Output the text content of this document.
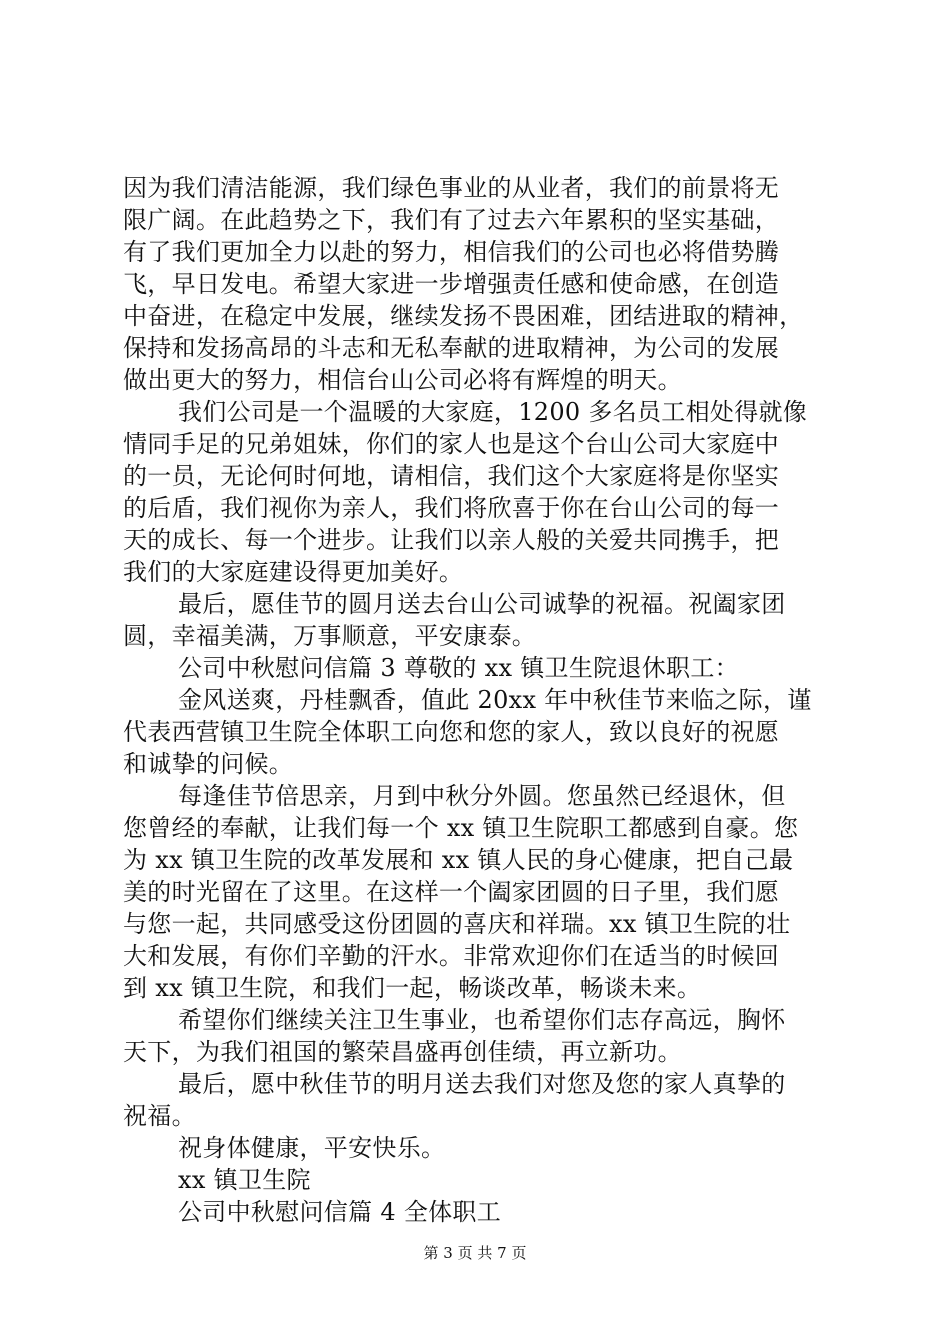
因为我们清洁能源，我们绿色事业的从业者，我们的前景将无
限广阔。在此趋势之下，我们有了过去六年累积的坚实基础，
有了我们更加全力以赴的努力，相信我们的公司也必将借势腾
飞，早日发电。希望大家进一步增强责任感和使命感，在创造
中奋进，在稳定中发展，继续发扬不畏困难，团结进取的精神，
保持和发扬高昂的斗志和无私奉献的进取精神，为公司的发展
做出更大的努力，相信台山公司必将有辉煌的明天。
我们公司是一个温暖的大家庭，1200 多名员工相处得就像
情同手足的兄弟姐妹，你们的家人也是这个台山公司大家庭中
的一员，无论何时何地，请相信，我们这个大家庭将是你坚实
的后盾，我们视你为亲人，我们将欣喜于你在台山公司的每一
天的成长、每一个进步。让我们以亲人般的关爱共同携手，把
我们的大家庭建设得更加美好。
最后，愿佳节的圆月送去台山公司诚挚的祝福。祝阖家团
圆，幸福美满，万事顺意，平安康泰。
公司中秋慰问信篇 3 尊敬的 xx 镇卫生院退休职工：
金风送爽，丹桂飘香，值此 20xx 年中秋佳节来临之际，谨
代表西营镇卫生院全体职工向您和您的家人，致以良好的祝愿
和诚挚的问候。
每逢佳节倍思亲，月到中秋分外圆。您虽然已经退休，但
您曾经的奉献，让我们每一个 xx 镇卫生院职工都感到自豪。您
为 xx 镇卫生院的改革发展和 xx 镇人民的身心健康，把自己最
美的时光留在了这里。在这样一个阖家团圆的日子里，我们愿
与您一起，共同感受这份团圆的喜庆和祥瑞。xx 镇卫生院的壮
大和发展，有你们辛勤的汗水。非常欢迎你们在适当的时候回
到 xx 镇卫生院，和我们一起，畅谈改革，畅谈未来。
希望你们继续关注卫生事业，也希望你们志存高远，胸怀
天下，为我们祖国的繁荣昌盛再创佳绩，再立新功。
最后，愿中秋佳节的明月送去我们对您及您的家人真挚的
祝福。
祝身体健康，平安快乐。
xx 镇卫生院
公司中秋慰问信篇 4 全体职工
第 3 页 共 7 页
